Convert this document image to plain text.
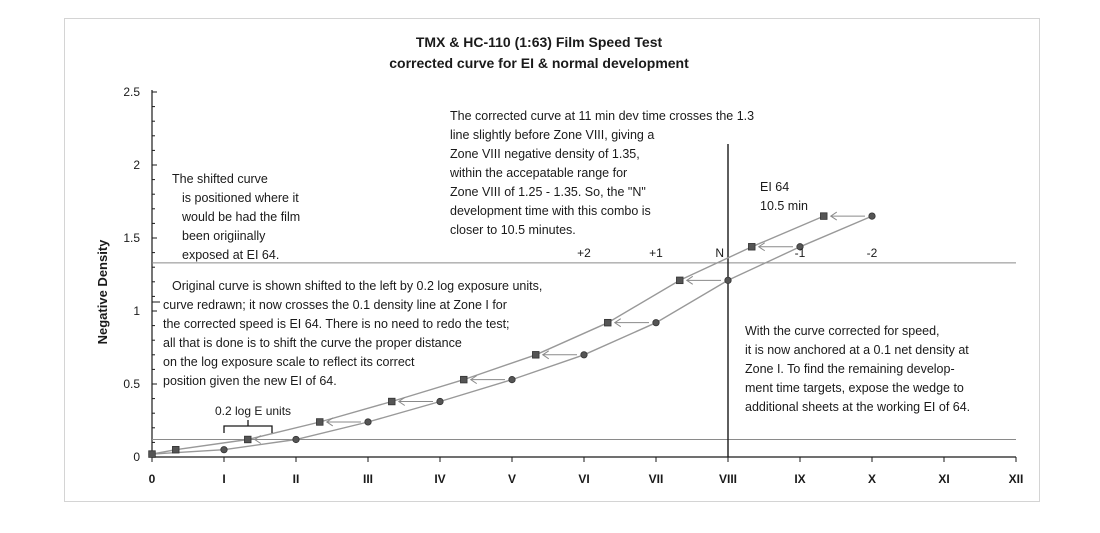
TMX & HC-110 (1:63) Film Speed Test
corrected curve for EI & normal development
Negative Density
0
0.5
1
1.5
2
2.5
0	I	II	III	IV	V	VI	VII	VIII	IX	X	XI	XII
+2	+1	N	-1	-2
The corrected curve at 11 min dev time crosses the 1.3 line slightly before Zone VIII, giving a Zone VIII negative density of 1.35, within the accepatable range for Zone VIII of 1.25 - 1.35. So, the "N" development time with this combo is closer to 10.5 minutes.
The shifted curve is positioned where it would be had the film been origiinally exposed at EI 64.
Original curve is shown shifted to the left by 0.2 log exposure units, curve redrawn; it now crosses the 0.1 density line at Zone I for the corrected speed is EI 64. There is no need to redo the test; all that is done is to shift the curve the proper distance on the log exposure scale to reflect its correct position given the new EI of 64.
EI 64 10.5 min
With the curve corrected for speed, it is now anchored at a 0.1 net density at Zone I. To find the remaining develop- ment time targets, expose the wedge to additional sheets at the working EI of 64.
0.2 log E units
